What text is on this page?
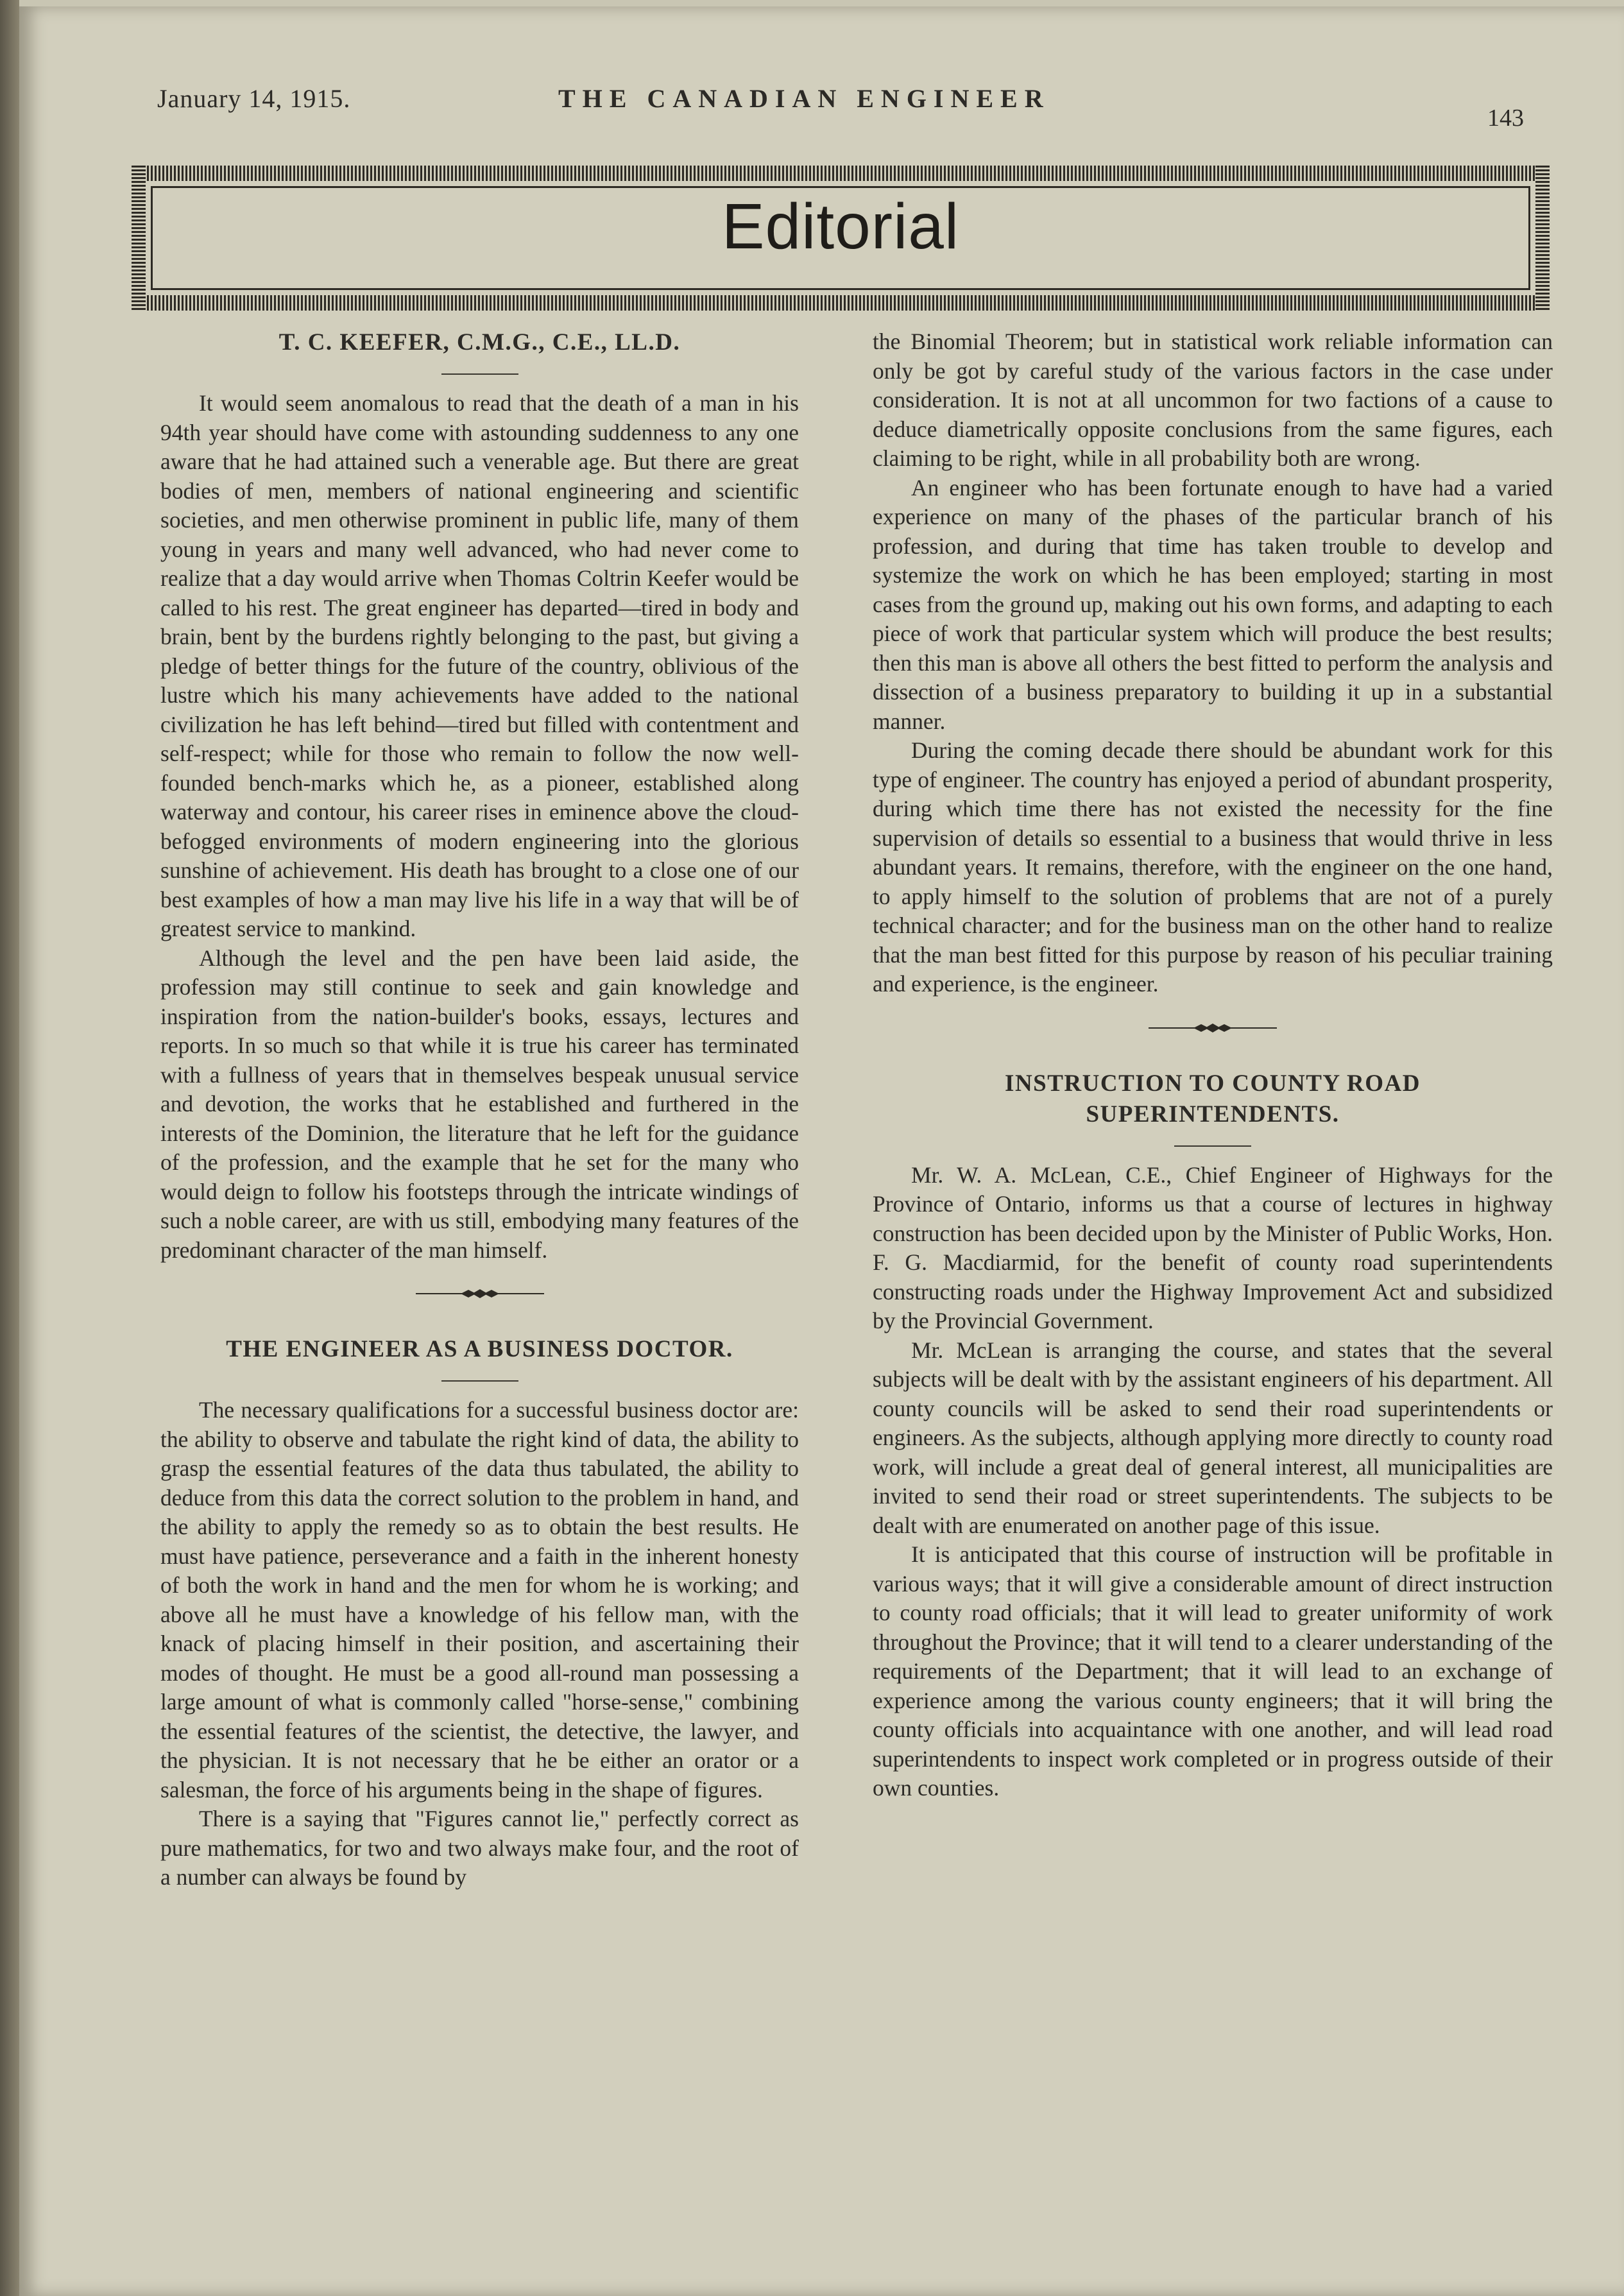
January 14, 1915.	THE CANADIAN ENGINEER
143
Editorial
T. C. KEEFER, C.M.G., C.E., LL.D.

It would seem anomalous to read that the death of a man in his 94th year should have come with astounding suddenness to any one aware that he had attained such a venerable age. But there are great bodies of men, members of national engineering and scientific societies, and men otherwise prominent in public life, many of them young in years and many well advanced, who had never come to realize that a day would arrive when Thomas Coltrin Keefer would be called to his rest. The great engineer has departed—tired in body and brain, bent by the burdens rightly belonging to the past, but giving a pledge of better things for the future of the country, oblivious of the lustre which his many achievements have added to the national civilization he has left behind—tired but filled with contentment and self-respect; while for those who remain to follow the now well-founded bench-marks which he, as a pioneer, established along waterway and contour, his career rises in eminence above the cloud-befogged environments of modern engineering into the glorious sunshine of achievement. His death has brought to a close one of our best examples of how a man may live his life in a way that will be of greatest service to mankind.

Although the level and the pen have been laid aside, the profession may still continue to seek and gain knowledge and inspiration from the nation-builder's books, essays, lectures and reports. In so much so that while it is true his career has terminated with a fullness of years that in themselves bespeak unusual service and devotion, the works that he established and furthered in the interests of the Dominion, the literature that he left for the guidance of the profession, and the example that he set for the many who would deign to follow his footsteps through the intricate windings of such a noble career, are with us still, embodying many features of the predominant character of the man himself.

THE ENGINEER AS A BUSINESS DOCTOR.

The necessary qualifications for a successful business doctor are: the ability to observe and tabulate the right kind of data, the ability to grasp the essential features of the data thus tabulated, the ability to deduce from this data the correct solution to the problem in hand, and the ability to apply the remedy so as to obtain the best results. He must have patience, perseverance and a faith in the inherent honesty of both the work in hand and the men for whom he is working; and above all he must have a knowledge of his fellow man, with the knack of placing himself in their position, and ascertaining their modes of thought. He must be a good all-round man possessing a large amount of what is commonly called "horse-sense," combining the essential features of the scientist, the detective, the lawyer, and the physician. It is not necessary that he be either an orator or a salesman, the force of his arguments being in the shape of figures.

There is a saying that "Figures cannot lie," perfectly correct as pure mathematics, for two and two always make four, and the root of a number can always be found by

the Binomial Theorem; but in statistical work reliable information can only be got by careful study of the various factors in the case under consideration. It is not at all uncommon for two factions of a cause to deduce diametrically opposite conclusions from the same figures, each claiming to be right, while in all probability both are wrong.

An engineer who has been fortunate enough to have had a varied experience on many of the phases of the particular branch of his profession, and during that time has taken trouble to develop and systemize the work on which he has been employed; starting in most cases from the ground up, making out his own forms, and adapting to each piece of work that particular system which will produce the best results; then this man is above all others the best fitted to perform the analysis and dissection of a business preparatory to building it up in a substantial manner.

During the coming decade there should be abundant work for this type of engineer. The country has enjoyed a period of abundant prosperity, during which time there has not existed the necessity for the fine supervision of details so essential to a business that would thrive in less abundant years. It remains, therefore, with the engineer on the one hand, to apply himself to the solution of problems that are not of a purely technical character; and for the business man on the other hand to realize that the man best fitted for this purpose by reason of his peculiar training and experience, is the engineer.

INSTRUCTION TO COUNTY ROAD SUPERINTENDENTS.

Mr. W. A. McLean, C.E., Chief Engineer of Highways for the Province of Ontario, informs us that a course of lectures in highway construction has been decided upon by the Minister of Public Works, Hon. F. G. Macdiarmid, for the benefit of county road superintendents constructing roads under the Highway Improvement Act and subsidized by the Provincial Government.

Mr. McLean is arranging the course, and states that the several subjects will be dealt with by the assistant engineers of his department. All county councils will be asked to send their road superintendents or engineers. As the subjects, although applying more directly to county road work, will include a great deal of general interest, all municipalities are invited to send their road or street superintendents. The subjects to be dealt with are enumerated on another page of this issue.

It is anticipated that this course of instruction will be profitable in various ways; that it will give a considerable amount of direct instruction to county road officials; that it will lead to greater uniformity of work throughout the Province; that it will tend to a clearer understanding of the requirements of the Department; that it will lead to an exchange of experience among the various county engineers; that it will bring the county officials into acquaintance with one another, and will lead road superintendents to inspect work completed or in progress outside of their own counties.
